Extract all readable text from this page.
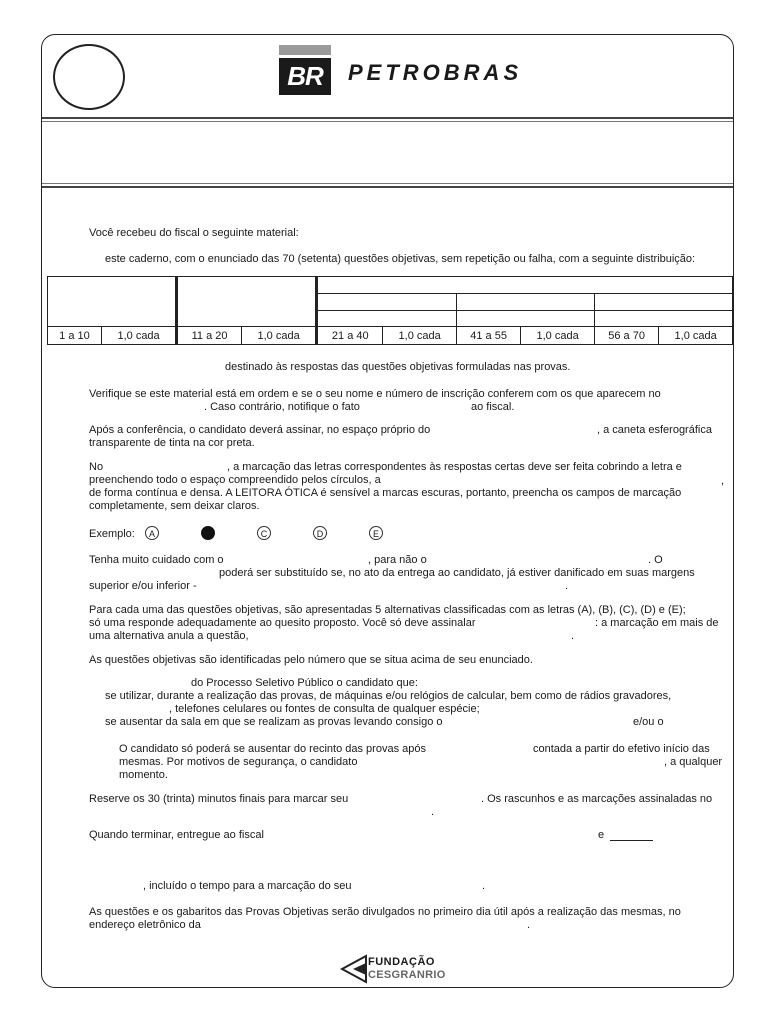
BR	PETROBRAS
Você recebeu do fiscal o seguinte material:
este caderno, com o enunciado das 70 (setenta) questões objetivas, sem repetição ou falha, com a seguinte distribuição:

1 a 10	1,0 cada	11 a 20	1,0 cada	21 a 40	1,0 cada	41 a 55	1,0 cada	56 a 70	1,0 cada
destinado às respostas das questões objetivas formuladas nas provas.
Verifique se este material está em ordem e se o seu nome e número de inscrição conferem com os que aparecem no
. Caso contrário, notifique o fato	ao fiscal.
Após a conferência, o candidato deverá assinar, no espaço próprio do	, a caneta esferográfica
transparente de tinta na cor preta.
No	, a marcação das letras correspondentes às respostas certas deve ser feita cobrindo a letra e
preenchendo todo o espaço compreendido pelos círculos, a	,
de forma contínua e densa. A LEITORA ÓTICA é sensível a marcas escuras, portanto, preencha os campos de marcação
completamente, sem deixar claros.
Exemplo:	A	C	D	E
Tenha muito cuidado com o	, para não o	. O
poderá ser substituído se, no ato da entrega ao candidato, já estiver danificado em suas margens
superior e/ou inferior -	.
Para cada uma das questões objetivas, são apresentadas 5 alternativas classificadas com as letras (A), (B), (C), (D) e (E);
só uma responde adequadamente ao quesito proposto. Você só deve assinalar	: a marcação em mais de
uma alternativa anula a questão,	.
As questões objetivas são identificadas pelo número que se situa acima de seu enunciado.
do Processo Seletivo Público o candidato que:
se utilizar, durante a realização das provas, de máquinas e/ou relógios de calcular, bem como de rádios gravadores,
, telefones celulares ou fontes de consulta de qualquer espécie;
se ausentar da sala em que se realizam as provas levando consigo o	e/ou o
O candidato só poderá se ausentar do recinto das provas após	contada a partir do efetivo início das
mesmas. Por motivos de segurança, o candidato	, a qualquer
momento.
Reserve os 30 (trinta) minutos finais para marcar seu	. Os rascunhos e as marcações assinaladas no
.
Quando terminar, entregue ao fiscal	e
, incluído o tempo para a marcação do seu	.
As questões e os gabaritos das Provas Objetivas serão divulgados no primeiro dia útil após a realização das mesmas, no
endereço eletrônico da	.
FUNDAÇÃO
CESGRANRIO
